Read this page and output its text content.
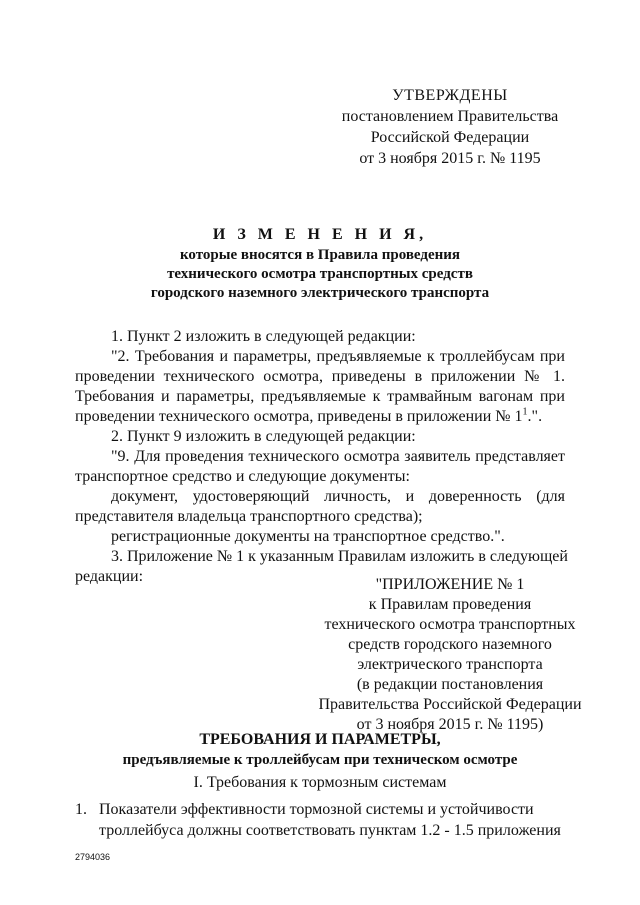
УТВЕРЖДЕНЫ
постановлением Правительства
Российской Федерации
от 3 ноября 2015 г. № 1195
И З М Е Н Е Н И Я,
которые вносятся в Правила проведения
технического осмотра транспортных средств
городского наземного электрического транспорта

1. Пункт 2 изложить в следующей редакции:

"2. Требования и параметры, предъявляемые к троллейбусам при

проведении технического осмотра, приведены в приложении № 1.

Требования и параметры, предъявляемые к трамвайным вагонам при

проведении технического осмотра, приведены в приложении № $1^1$.".

2. Пункт 9 изложить в следующей редакции:

"9. Для проведения технического осмотра заявитель представляет

транспортное средство и следующие документы:

документ, удостоверяющий личность, и доверенность (для

представителя владельца транспортного средства);

регистрационные документы на транспортное средство.".

3. Приложение № 1 к указанным Правилам изложить в следующей

редакции:	"ПРИЛОЖЕНИЕ № 1
к Правилам проведения
технического осмотра транспортных
средств городского наземного
электрического транспорта
(в редакции постановления
Правительства Российской Федерации
от 3 ноября 2015 г. № 1195)
ТРЕБОВАНИЯ И ПАРАМЕТРЫ,
предъявляемые к троллейбусам при техническом осмотре
I. Требования к тормозным системам
1. Показатели эффективности тормозной системы и устойчивости
троллейбуса должны соответствовать пунктам 1.2 - 1.5 приложения
2794036
